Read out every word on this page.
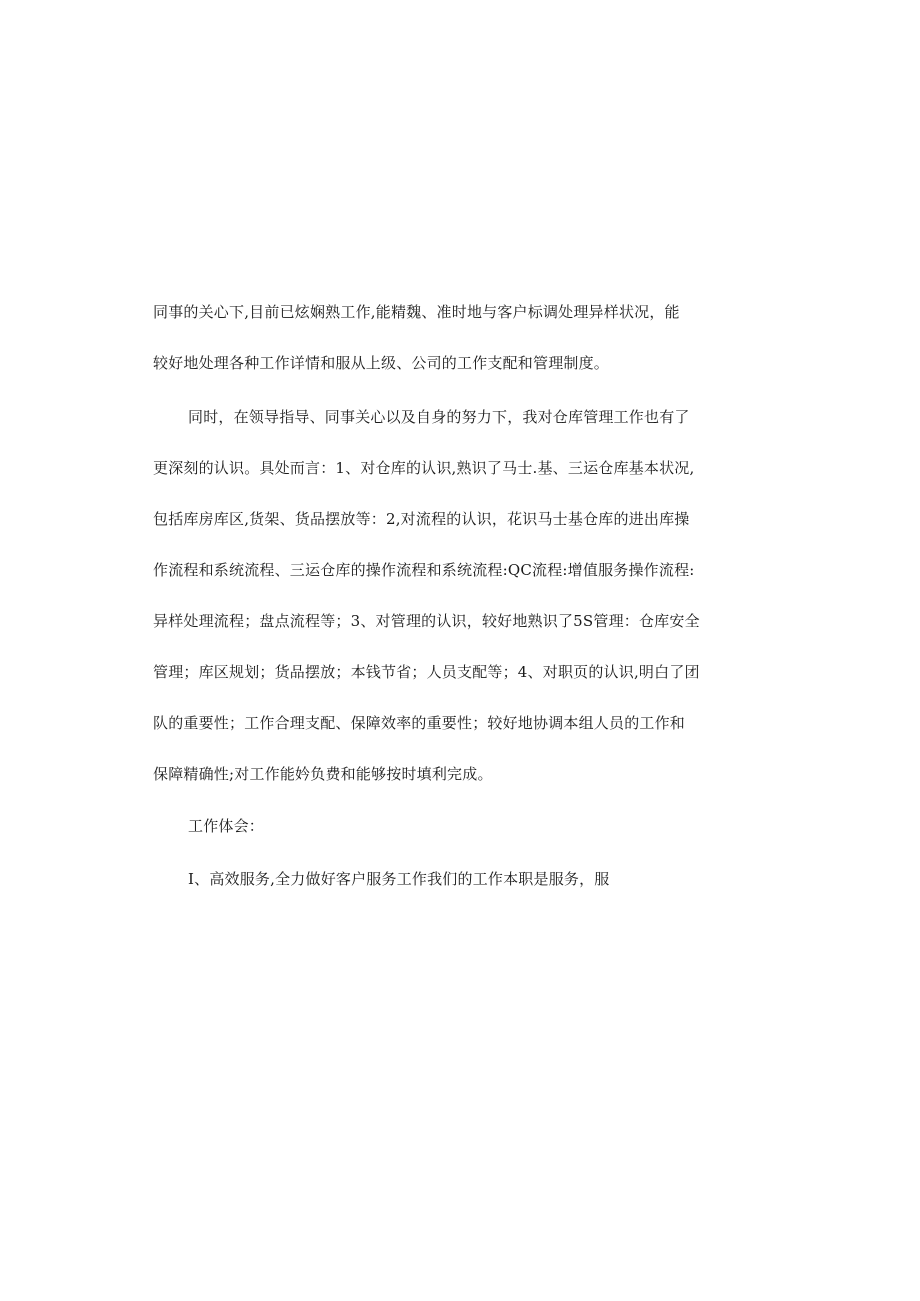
同事的关心下,目前已炫娴熟工作,能精魏、准时地与客户标调处理异样状况，能
较好地处理各种工作详情和服从上级、公司的工作支配和管理制度。
同时，在领导指导、同事关心以及自身的努力下，我对仓库管理工作也有了
更深刻的认识。具处而言：1、对仓库的认识,熟识了马士.基、三运仓库基本状况,
包括库房库区,货架、货品摆放等：2,对流程的认识，花识马士基仓库的进出库操
作流程和系统流程、三运仓库的操作流程和系统流程:QC流程:增值服务操作流程:
异样处理流程；盘点流程等；3、对管理的认识，较好地熟识了5S管理：仓库安全
管理；库区规划；货品摆放；本钱节省；人员支配等；4、对职页的认识,明白了团
队的重要性；工作合理支配、保障效率的重要性；较好地协调本组人员的工作和
保障精确性;对工作能妗负费和能够按时填利完成。
工作体会：
I、高效服务,全力做好客户服务工作我们的工作本职是服务，服
